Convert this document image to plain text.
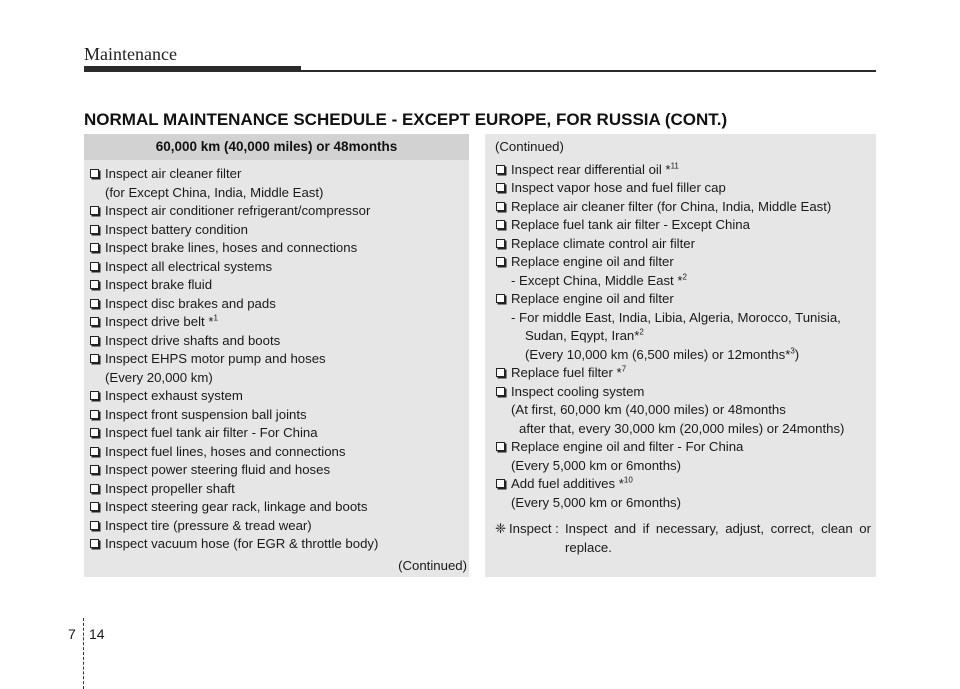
Maintenance
NORMAL MAINTENANCE SCHEDULE - EXCEPT EUROPE, FOR RUSSIA (CONT.)
60,000 km (40,000 miles) or 48months
Inspect air cleaner filter
(for Except China, India, Middle East)
Inspect air conditioner refrigerant/compressor
Inspect battery condition
Inspect brake lines, hoses and connections
Inspect all electrical systems
Inspect brake fluid
Inspect disc brakes and pads
Inspect drive belt *$^1$
Inspect drive shafts and boots
Inspect EHPS motor pump and hoses
(Every 20,000 km)
Inspect exhaust system
Inspect front suspension ball joints
Inspect fuel tank air filter - For China
Inspect fuel lines, hoses and connections
Inspect power steering fluid and hoses
Inspect propeller shaft
Inspect steering gear rack, linkage and boots
Inspect tire (pressure & tread wear)
Inspect vacuum hose (for EGR & throttle body)
(Continued)
(Continued)
Inspect rear differential oil *$^{11}$
Inspect vapor hose and fuel filler cap
Replace air cleaner filter (for China, India, Middle East)
Replace fuel tank air filter - Except China
Replace climate control air filter
Replace engine oil and filter
- Except China, Middle East *$^2$
Replace engine oil and filter
- For middle East, India, Libia, Algeria, Morocco, Tunisia,
Sudan, Eqypt, Iran*$^2$
(Every 10,000 km (6,500 miles) or 12months*$^3$)
Replace fuel filter *$^7$
Inspect cooling system
(At first, 60,000 km (40,000 miles) or 48months
after that, every 30,000 km (20,000 miles) or 24months)
Replace engine oil and filter - For China
(Every 5,000 km or 6months)
Add fuel additives *$^{10}$
(Every 5,000 km or 6months)
❈ Inspect : Inspect and if necessary, adjust, correct, clean or replace.
7 14
